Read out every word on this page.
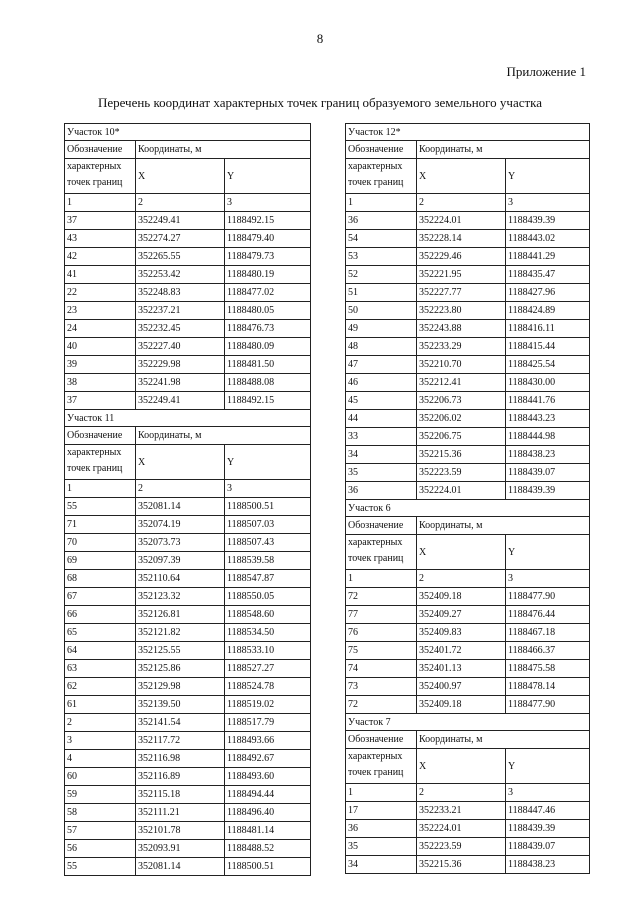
8
Приложение 1
Перечень координат характерных точек границ образуемого земельного участка
Участок 10*		
Обозначение	Координаты, м	
характерных точек границ	X	Y
1	2	3
37	352249.41	1188492.15
43	352274.27	1188479.40
42	352265.55	1188479.73
41	352253.42	1188480.19
22	352248.83	1188477.02
23	352237.21	1188480.05
24	352232.45	1188476.73
40	352227.40	1188480.09
39	352229.98	1188481.50
38	352241.98	1188488.08
37	352249.41	1188492.15
Участок 11		
Обозначение	Координаты, м	
характерных точек границ	X	Y
1	2	3
55	352081.14	1188500.51
71	352074.19	1188507.03
70	352073.73	1188507.43
69	352097.39	1188539.58
68	352110.64	1188547.87
67	352123.32	1188550.05
66	352126.81	1188548.60
65	352121.82	1188534.50
64	352125.55	1188533.10
63	352125.86	1188527.27
62	352129.98	1188524.78
61	352139.50	1188519.02
2	352141.54	1188517.79
3	352117.72	1188493.66
4	352116.98	1188492.67
60	352116.89	1188493.60
59	352115.18	1188494.44
58	352111.21	1188496.40
57	352101.78	1188481.14
56	352093.91	1188488.52
55	352081.14	1188500.51
Участок 12*		
Обозначение	Координаты, м	
характерных точек границ	X	Y
1	2	3
36	352224.01	1188439.39
54	352228.14	1188443.02
53	352229.46	1188441.29
52	352221.95	1188435.47
51	352227.77	1188427.96
50	352223.80	1188424.89
49	352243.88	1188416.11
48	352233.29	1188415.44
47	352210.70	1188425.54
46	352212.41	1188430.00
45	352206.73	1188441.76
44	352206.02	1188443.23
33	352206.75	1188444.98
34	352215.36	1188438.23
35	352223.59	1188439.07
36	352224.01	1188439.39
Участок 6		
Обозначение	Координаты, м	
характерных точек границ	X	Y
1	2	3
72	352409.18	1188477.90
77	352409.27	1188476.44
76	352409.83	1188467.18
75	352401.72	1188466.37
74	352401.13	1188475.58
73	352400.97	1188478.14
72	352409.18	1188477.90
Участок 7		
Обозначение	Координаты, м	
характерных точек границ	X	Y
1	2	3
17	352233.21	1188447.46
36	352224.01	1188439.39
35	352223.59	1188439.07
34	352215.36	1188438.23
